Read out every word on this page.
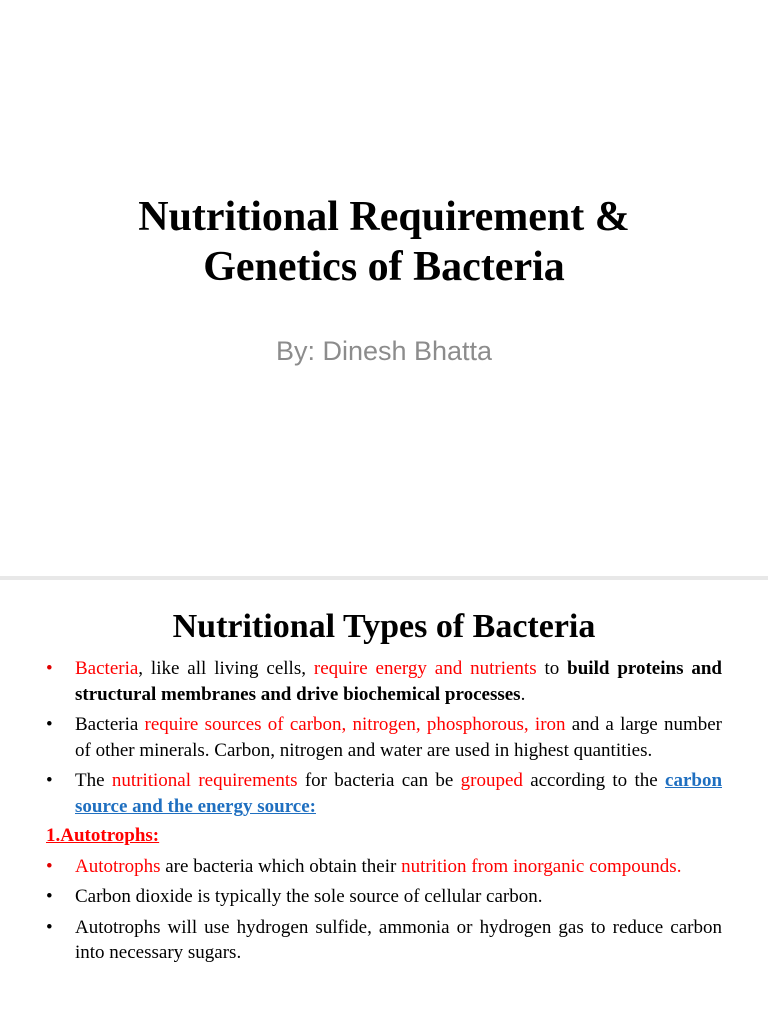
Nutritional Requirement &
Genetics of Bacteria
By: Dinesh Bhatta
Nutritional Types of Bacteria
•	Bacteria, like all living cells, require energy and nutrients to build proteins and structural membranes and drive biochemical processes.
•	Bacteria require sources of carbon, nitrogen, phosphorous, iron and a large number of other minerals. Carbon, nitrogen and water are used in highest quantities.
•	The nutritional requirements for bacteria can be grouped according to the carbon source and the energy source:
1.Autotrophs:
•	Autotrophs are bacteria which obtain their nutrition from inorganic compounds.
•	Carbon dioxide is typically the sole source of cellular carbon.
•	Autotrophs will use hydrogen sulfide, ammonia or hydrogen gas to reduce carbon into necessary sugars.
